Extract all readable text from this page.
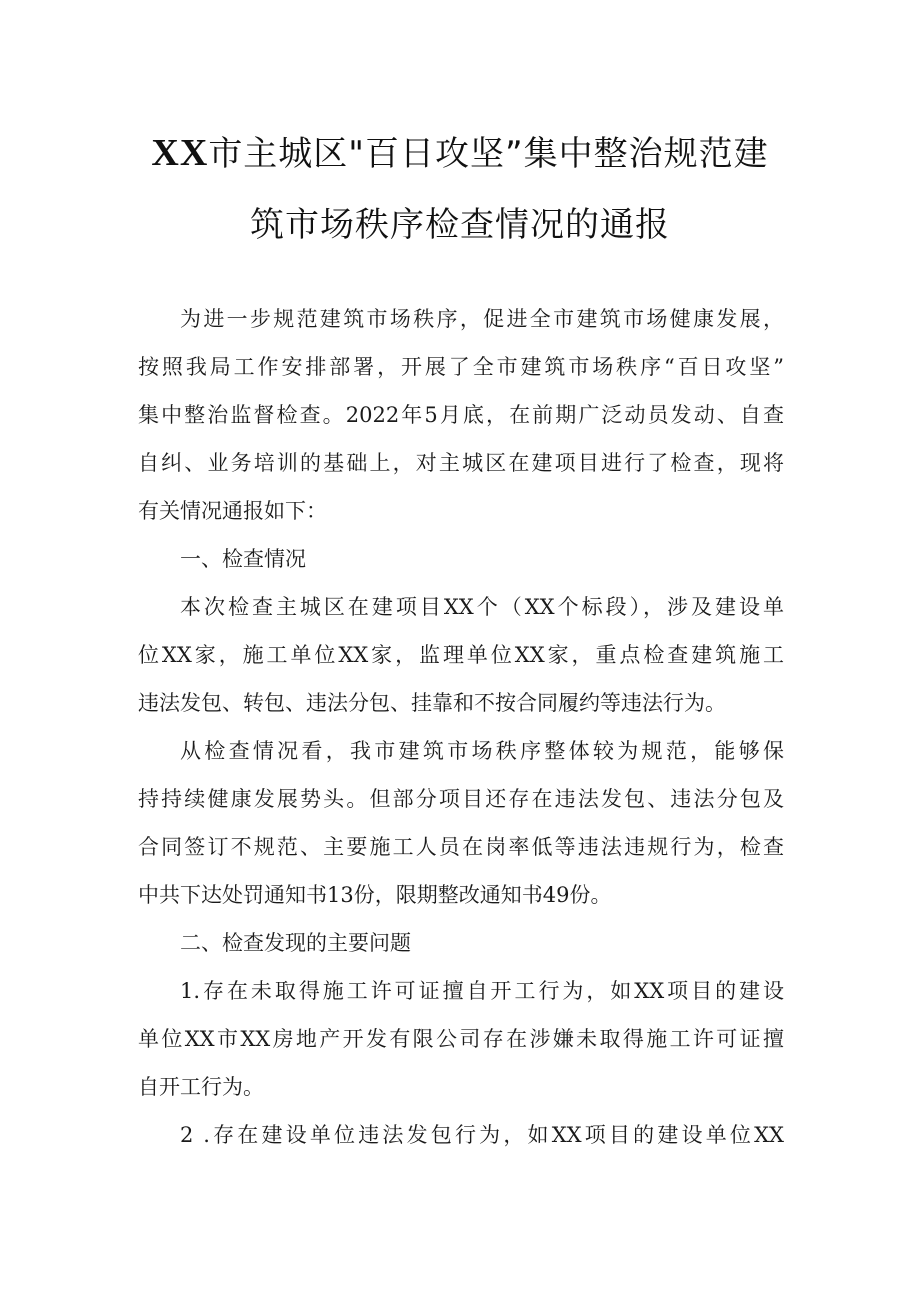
XX市主城区"百日攻坚”集中整治规范建
筑市场秩序检查情况的通报
为进一步规范建筑市场秩序，促进全市建筑市场健康发展，
按照我局工作安排部署，开展了全市建筑市场秩序“百日攻坚”
集中整治监督检查。2022年5月底，在前期广泛动员发动、自查
自纠、业务培训的基础上，对主城区在建项目进行了检查，现将
有关情况通报如下：
一、检查情况
本次检查主城区在建项目XX个（XX个标段），涉及建设单
位XX家，施工单位XX家，监理单位XX家，重点检查建筑施工
违法发包、转包、违法分包、挂靠和不按合同履约等违法行为。
从检查情况看，我市建筑市场秩序整体较为规范，能够保
持持续健康发展势头。但部分项目还存在违法发包、违法分包及
合同签订不规范、主要施工人员在岗率低等违法违规行为，检查
中共下达处罚通知书13份，限期整改通知书49份。
二、检查发现的主要问题
1.存在未取得施工许可证擅自开工行为，如XX项目的建设
单位XX市XX房地产开发有限公司存在涉嫌未取得施工许可证擅
自开工行为。
2 .存在建设单位违法发包行为，如XX项目的建设单位XX
